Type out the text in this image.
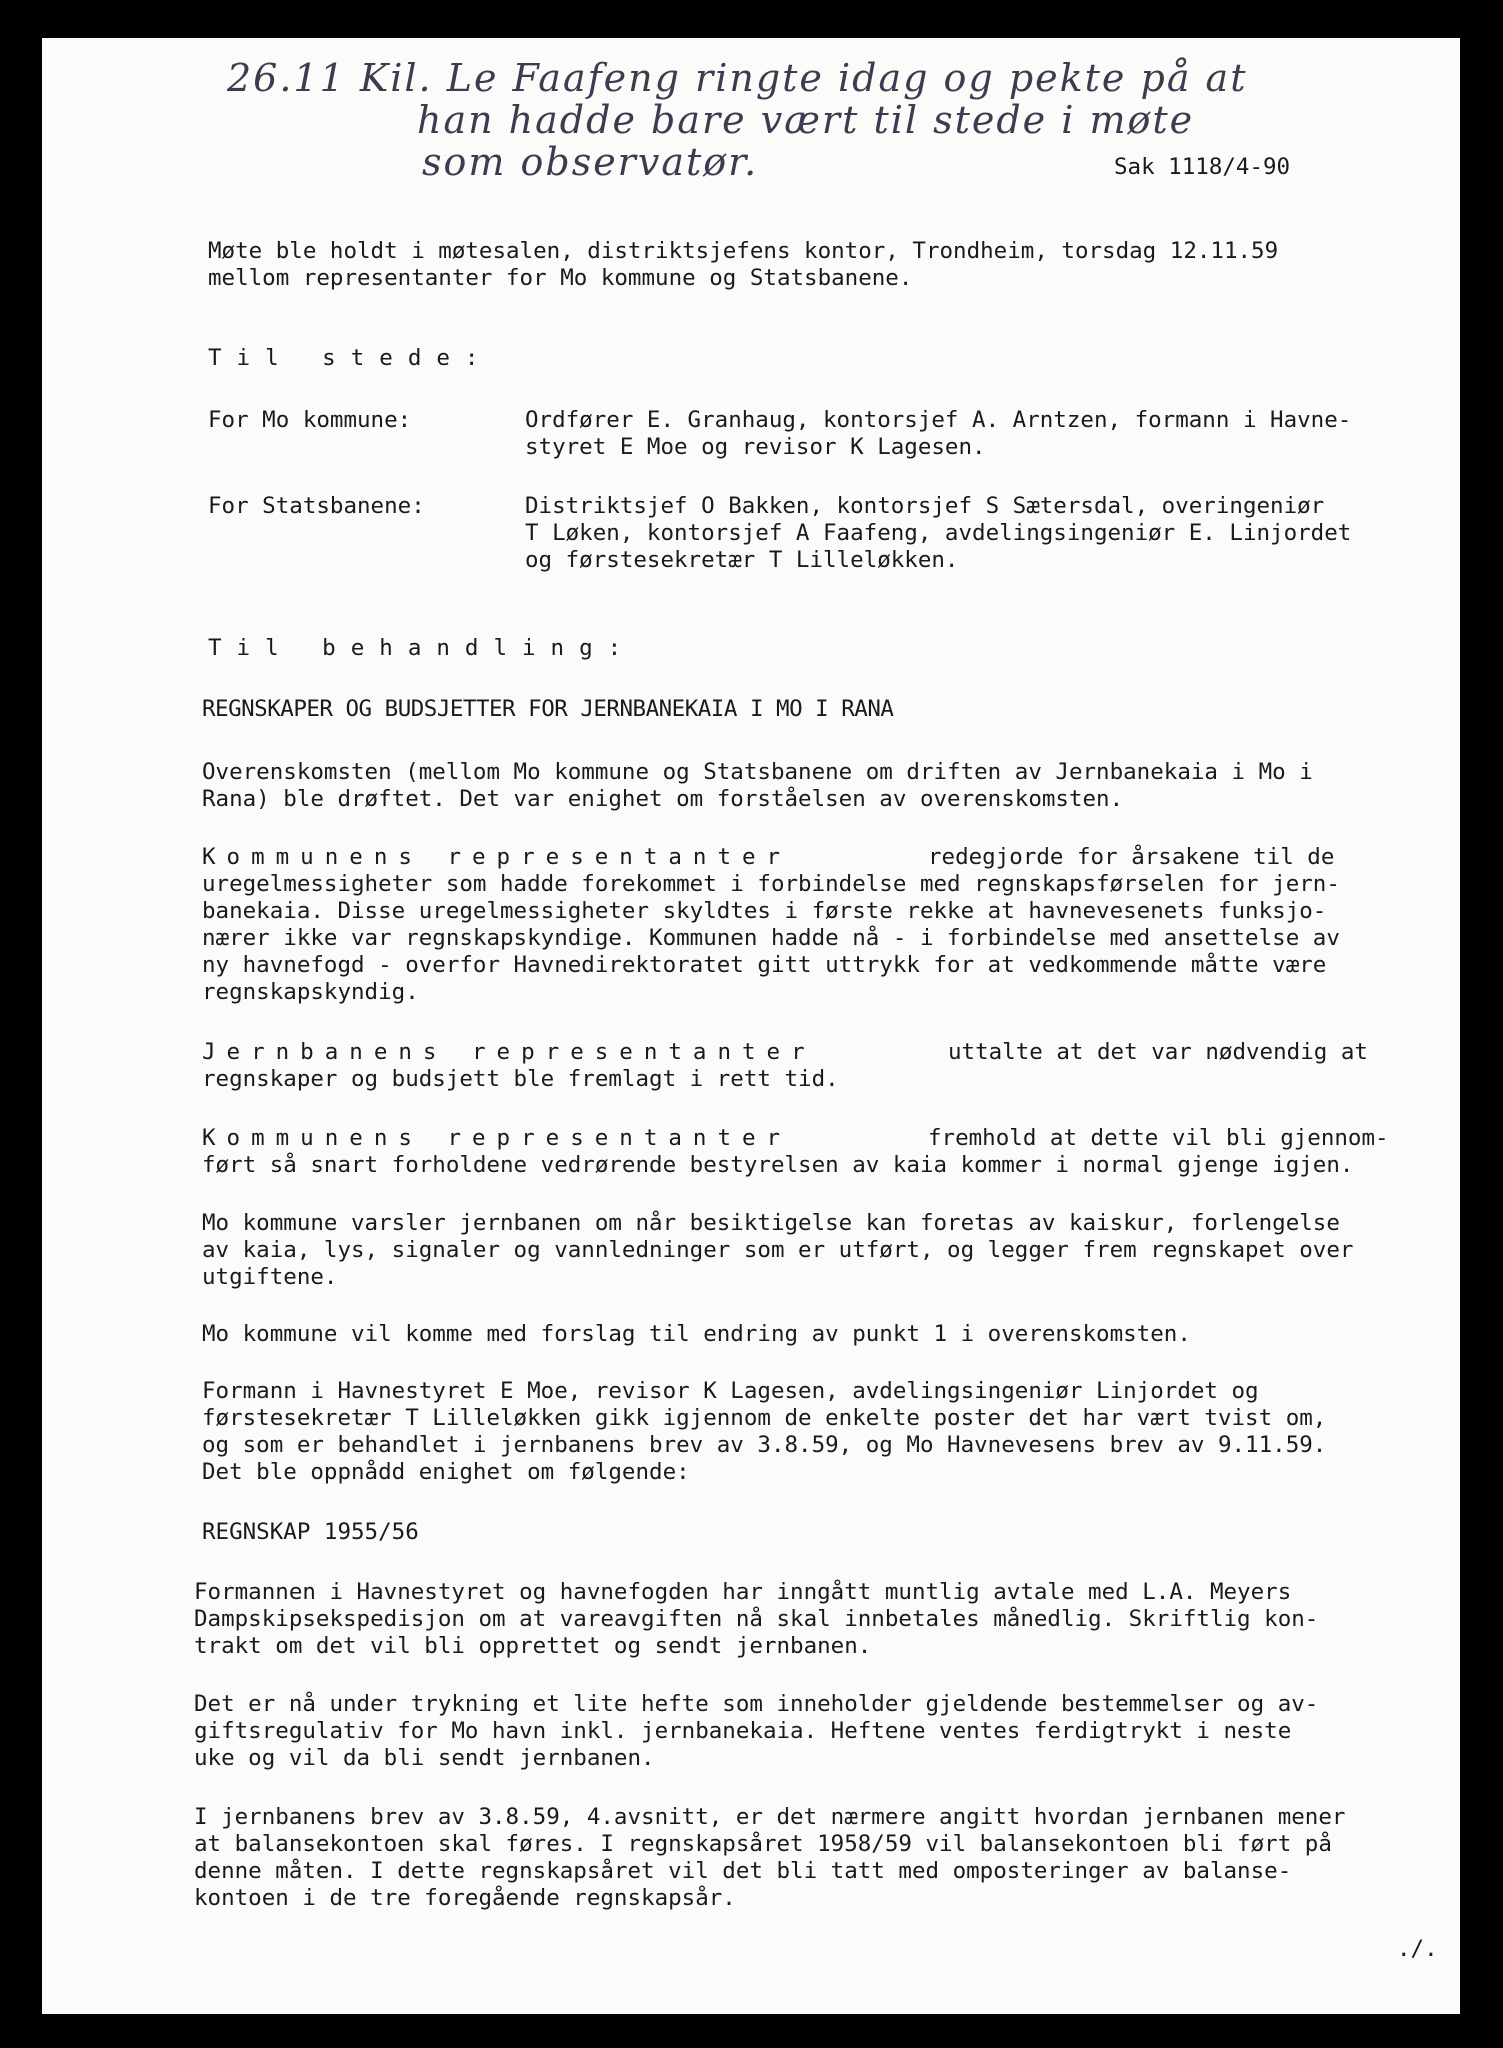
26.11 Kil. Le Faafeng ringte idag og pekte på at
han hadde bare vært til stede i møte
som observatør.	Sak 1118/4-90
Møte ble holdt i møtesalen, distriktsjefens kontor, Trondheim, torsdag 12.11.59
mellom representanter for Mo kommune og Statsbanene.
Til stede:
For Mo kommune:	Ordfører E. Granhaug, kontorsjef A. Arntzen, formann i Havne-
styret E Moe og revisor K Lagesen.
For Statsbanene:	Distriktsjef O Bakken, kontorsjef S Sætersdal, overingeniør
T Løken, kontorsjef A Faafeng, avdelingsingeniør E. Linjordet
og førstesekretær T Lilleløkken.
Til behandling:
REGNSKAPER OG BUDSJETTER FOR JERNBANEKAIA I MO I RANA
Overenskomsten (mellom Mo kommune og Statsbanene om driften av Jernbanekaia i Mo i
Rana) ble drøftet. Det var enighet om forståelsen av overenskomsten.
Kommunens representanter	redegjorde for årsakene til de
uregelmessigheter som hadde forekommet i forbindelse med regnskapsførselen for jern-
banekaia. Disse uregelmessigheter skyldtes i første rekke at havnevesenets funksjo-
nærer ikke var regnskapskyndige. Kommunen hadde nå - i forbindelse med ansettelse av
ny havnefogd - overfor Havnedirektoratet gitt uttrykk for at vedkommende måtte være
regnskapskyndig.
Jernbanens representanter	uttalte at det var nødvendig at
regnskaper og budsjett ble fremlagt i rett tid.
Kommunens representanter	fremhold at dette vil bli gjennom-
ført så snart forholdene vedrørende bestyrelsen av kaia kommer i normal gjenge igjen.
Mo kommune varsler jernbanen om når besiktigelse kan foretas av kaiskur, forlengelse
av kaia, lys, signaler og vannledninger som er utført, og legger frem regnskapet over
utgiftene.
Mo kommune vil komme med forslag til endring av punkt 1 i overenskomsten.
Formann i Havnestyret E Moe, revisor K Lagesen, avdelingsingeniør Linjordet og
førstesekretær T Lilleløkken gikk igjennom de enkelte poster det har vært tvist om,
og som er behandlet i jernbanens brev av 3.8.59, og Mo Havnevesens brev av 9.11.59.
Det ble oppnådd enighet om følgende:
REGNSKAP 1955/56
Formannen i Havnestyret og havnefogden har inngått muntlig avtale med L.A. Meyers
Dampskipsekspedisjon om at vareavgiften nå skal innbetales månedlig. Skriftlig kon-
trakt om det vil bli opprettet og sendt jernbanen.
Det er nå under trykning et lite hefte som inneholder gjeldende bestemmelser og av-
giftsregulativ for Mo havn inkl. jernbanekaia. Heftene ventes ferdigtrykt i neste
uke og vil da bli sendt jernbanen.
I jernbanens brev av 3.8.59, 4.avsnitt, er det nærmere angitt hvordan jernbanen mener
at balansekontoen skal føres. I regnskapsåret 1958/59 vil balansekontoen bli ført på
denne måten. I dette regnskapsåret vil det bli tatt med omposteringer av balanse-
kontoen i de tre foregående regnskapsår.
./.
